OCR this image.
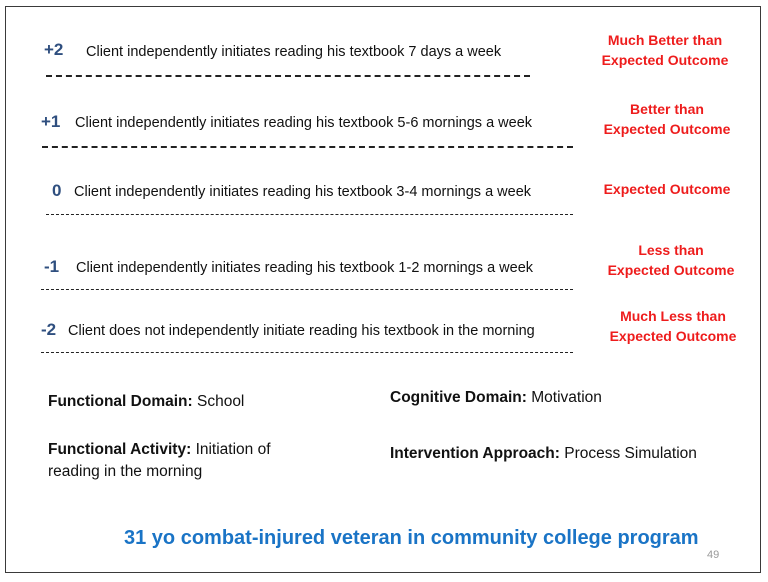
+2 Client independently initiates reading his textbook 7 days a week
Much Better than
Expected Outcome
+1 Client independently initiates reading his textbook 5-6 mornings a week
Better than
Expected Outcome
0 Client independently initiates reading his textbook 3-4 mornings a week	Expected Outcome
-1 Client independently initiates reading his textbook 1-2 mornings a week
Less than
Expected Outcome
-2 Client does not independently initiate reading his textbook in the morning
Much Less than
Expected Outcome
Functional Domain: School	Cognitive Domain: Motivation
Functional Activity: Initiation of
reading in the morning
Intervention Approach: Process Simulation
31 yo combat-injured veteran in community college program
49
